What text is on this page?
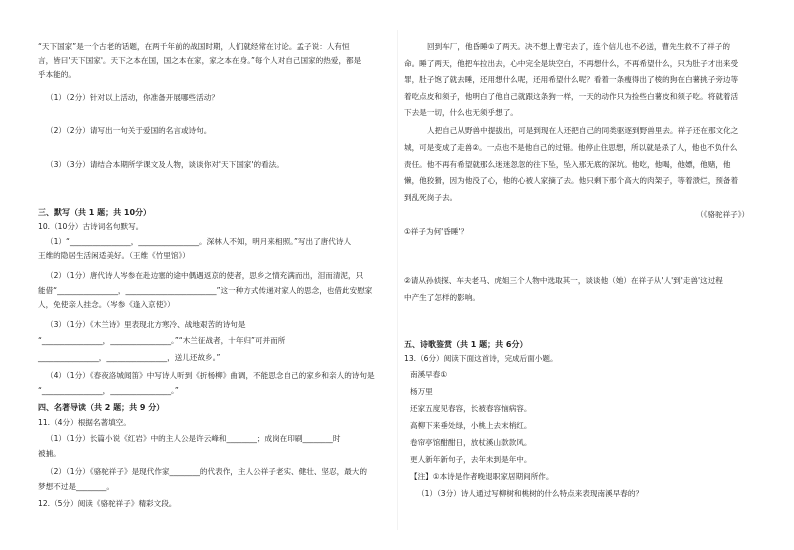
“天下国家”是一个古老的话题，在两千年前的战国时期，人们就经常在讨论。孟子说：人有恒
言，皆曰'天下国家'。天下之本在国，国之本在家，家之本在身。”每个人对自己国家的热爱，都是
乎本能的。
（1）（2分）针对以上活动，你准备开展哪些活动？
（2）（2分）请写出一句关于爱国的名言或诗句。
（3）（3分）请结合本期所学课文及人物，谈谈你对'天下国家'的看法。
三、默写（共 1 题；共 10分）
10.（10分）古诗词名句默写。
（1）“________________，________________。深林人不知，明月来相照。”写出了唐代诗人
王维的隐居生活闲适美好。（王维《竹里馆》）
（2）（1分）唐代诗人岑参在赴边塞的途中偶遇返京的使者，思乡之情充满而出，泪而清泥，只
能借“________________，________________________”这一种方式传递对家人的思念，也借此安慰家
人，免使亲人挂念。（岑参《逢入京使》）
（3）（1分）《木兰诗》里表现北方寒冷、战地艰苦的诗句是
“________________，________________。”“木兰征战者，十年归”可并而所
________________，________________，送儿还故乡。”
（4）（1分）《春夜洛城闻笛》中写诗人听到《折杨柳》曲调，不能思念自己的家乡和亲人的诗句是
“________________，________________。”
四、名著导读（共 2 题；共 9 分）
11.（4分）根据名著填空。
（1）（1分）长篇小说《红岩》中的主人公是许云峰和________；成岗在印刷________时
被捕。
（2）（1分）《骆驼祥子》是现代作家________的代表作，主人公祥子老实、健壮、坚忍，最大的
梦想不过是________。
12.（5分）阅读《骆驼祥子》精彩文段。
回到车厂，他昏睡①了两天。决不想上曹宅去了，连个信儿也不必送，曹先生救不了祥子的
命。睡了两天，他把车拉出去，心中完全是块空白，不再想什么，不再希望什么，只为肚子才出来受
罪，肚子饱了就去睡，还用想什么呢，还用希望什么呢？看着一条瘦得出了棱的狗在白薯挑子旁边等
着吃点皮和须子，他明白了他自己就跟这条狗一样，一天的动作只为捡些白薯皮和须子吃。将就着活
下去是一切，什么也无须乎想了。
人把自己从野兽中提拔出，可是到现在人还把自己的同类驱逐到野兽里去。祥子还在那文化之
城，可是变成了走兽②。一点也不是他自己的过错。他停止住思想，所以就是杀了人，他也不负什么
责任。他不再有希望就那么迷迷忽忽的往下坠，坠入那无底的深坑。他吃，他喝，他嫖，他赌，他
懒，他狡猾，因为他没了心，他的心被人家摘了去。他只剩下那个高大的肉架子，等着溃烂，预备着
到乱死岗子去。
（《骆驼祥子》）
①祥子为何'昏睡'？
②请从孙侦探、车夫老马、虎姐三个人物中选取其一，谈谈他（她）在祥子从'人'到'走兽'这过程
中产生了怎样的影响。
五、诗歌鉴赏（共 1 题；共 6分）
13.（6分）阅读下面这首诗，完成后面小题。
南溪早春①
杨万里
还家五度见春容，长被春容恼病容。
高柳下来垂处绿，小桃上去末梢红。
卷帘亭馆酣酣日，放杖溪山款款风。
更人新年新句子，去年未到是年中。
【注】①本诗是作者晚退职家居期间所作。
（1）（3分）诗人通过写柳树和桃树的什么特点来表现南溪早春的？
